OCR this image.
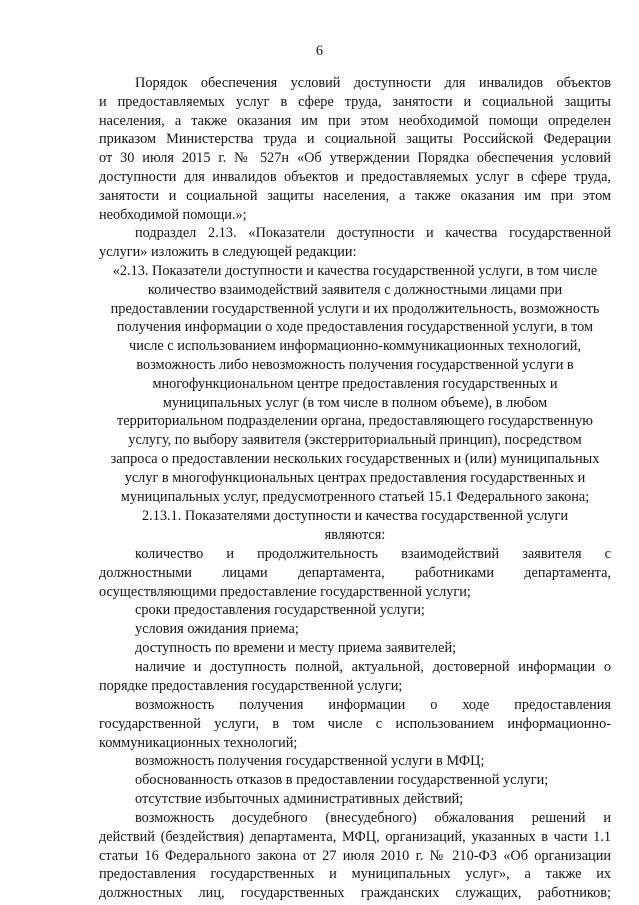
6
Порядок обеспечения условий доступности для инвалидов объектов
и предоставляемых услуг в сфере труда, занятости и социальной защиты
населения, а также оказания им при этом необходимой помощи определен
приказом Министерства труда и социальной защиты Российской Федерации
от 30 июля 2015 г. № 527н «Об утверждении Порядка обеспечения условий
доступности для инвалидов объектов и предоставляемых услуг в сфере труда,
занятости и социальной защиты населения, а также оказания им при этом
необходимой помощи.»;
подраздел 2.13. «Показатели доступности и качества государственной
услуги» изложить в следующей редакции:
«2.13. Показатели доступности и качества государственной услуги, в том числе
количество взаимодействий заявителя с должностными лицами при
предоставлении государственной услуги и их продолжительность, возможность
получения информации о ходе предоставления государственной услуги, в том
числе с использованием информационно-коммуникационных технологий,
возможность либо невозможность получения государственной услуги в
многофункциональном центре предоставления государственных и
муниципальных услуг (в том числе в полном объеме), в любом
территориальном подразделении органа, предоставляющего государственную
услугу, по выбору заявителя (экстерриториальный принцип), посредством
запроса о предоставлении нескольких государственных и (или) муниципальных
услуг в многофункциональных центрах предоставления государственных и
муниципальных услуг, предусмотренного статьей 15.1 Федерального закона;
2.13.1. Показателями доступности и качества государственной услуги
являются:
количество и продолжительность взаимодействий заявителя с
должностными лицами департамента, работниками департамента,
осуществляющими предоставление государственной услуги;
сроки предоставления государственной услуги;
условия ожидания приема;
доступность по времени и месту приема заявителей;
наличие и доступность полной, актуальной, достоверной информации о
порядке предоставления государственной услуги;
возможность получения информации о ходе предоставления
государственной услуги, в том числе с использованием информационно-
коммуникационных технологий;
возможность получения государственной услуги в МФЦ;
обоснованность отказов в предоставлении государственной услуги;
отсутствие избыточных административных действий;
возможность досудебного (внесудебного) обжалования решений и
действий (бездействия) департамента, МФЦ, организаций, указанных в части 1.1
статьи 16 Федерального закона от 27 июля 2010 г. № 210-ФЗ «Об организации
предоставления государственных и муниципальных услуг», а также их
должностных лиц, государственных гражданских служащих, работников;
